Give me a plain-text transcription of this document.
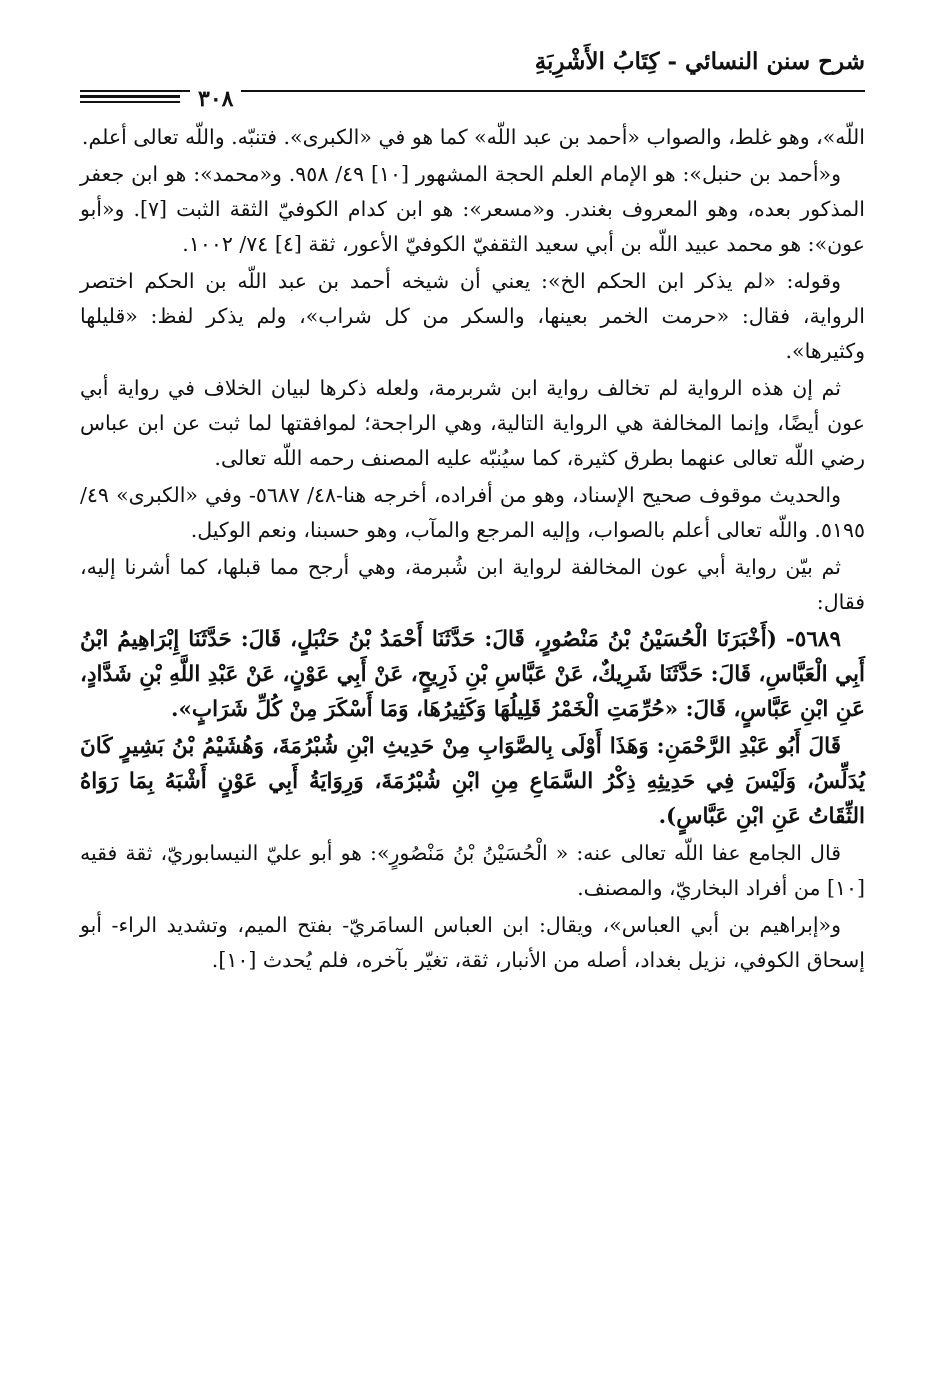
شرح سنن النسائي - كِتَابُ الأَشْرِبَةِ
٣٠٨

اللّه»، وهو غلط، والصواب «أحمد بن عبد اللّه» كما هو في «الكبرى». فتنبّه. واللّه تعالى أعلم.

و«أحمد بن حنبل»: هو الإمام العلم الحجة المشهور [١٠] ٤٩/ ٩٥٨. و«محمد»: هو ابن جعفر المذكور بعده، وهو المعروف بغندر. و«مسعر»: هو ابن كدام الكوفيّ الثقة الثبت [٧]. و«أبو عون»: هو محمد عبيد اللّه بن أبي سعيد الثقفيّ الكوفيّ الأعور، ثقة [٤] ٧٤/ ١٠٠٢.

وقوله: «لم يذكر ابن الحكم الخ»: يعني أن شيخه أحمد بن عبد اللّه بن الحكم اختصر الرواية، فقال: «حرمت الخمر بعينها، والسكر من كل شراب»، ولم يذكر لفظ: «قليلها وكثيرها».

ثم إن هذه الرواية لم تخالف رواية ابن شربرمة، ولعله ذكرها لبيان الخلاف في رواية أبي عون أيضًا، وإنما المخالفة هي الرواية التالية، وهي الراجحة؛ لموافقتها لما ثبت عن ابن عباس رضي اللّه تعالى عنهما بطرق كثيرة، كما سيُنبّه عليه المصنف رحمه اللّه تعالى.

والحديث موقوف صحيح الإسناد، وهو من أفراده، أخرجه هنا-٤٨/ ٥٦٨٧- وفي «الكبرى» ٤٩/ ٥١٩٥. واللّه تعالى أعلم بالصواب، وإليه المرجع والمآب، وهو حسبنا، ونعم الوكيل.

ثم بيّن رواية أبي عون المخالفة لرواية ابن شُبرمة، وهي أرجح مما قبلها، كما أشرنا إليه، فقال:

٥٦٨٩- (أَخْبَرَنَا الْحُسَيْنُ بْنُ مَنْصُورٍ، قَالَ: حَدَّثَنَا أَحْمَدُ بْنُ حَنْبَلٍ، قَالَ: حَدَّثَنَا إِبْرَاهِيمُ ابْنُ أَبِي الْعَبَّاسِ، قَالَ: حَدَّثَنَا شَرِيكٌ، عَنْ عَبَّاسِ بْنِ ذَرِيحٍ، عَنْ أَبِي عَوْنٍ، عَنْ عَبْدِ اللَّهِ بْنِ شَدَّادٍ، عَنِ ابْنِ عَبَّاسٍ، قَالَ: «حُرِّمَتِ الْخَمْرُ قَلِيلُهَا وَكَثِيرُهَا، وَمَا أَسْكَرَ مِنْ كُلِّ شَرَابٍ».

قَالَ أَبُو عَبْدِ الرَّحْمَنِ: وَهَذَا أَوْلَى بِالصَّوَابِ مِنْ حَدِيثِ ابْنِ شُبْرُمَةَ، وَهُشَيْمُ بْنُ بَشِيرٍ كَانَ يُدَلِّسُ، وَلَيْسَ فِي حَدِيثِهِ ذِكْرُ السَّمَاعِ مِنِ ابْنِ شُبْرُمَةَ، وَرِوَايَةُ أَبِي عَوْنٍ أَشْبَهُ بِمَا رَوَاهُ الثِّقَاتُ عَنِ ابْنِ عَبَّاسٍ).

قال الجامع عفا اللّه تعالى عنه: « الْحُسَيْنُ بْنُ مَنْصُورٍ»: هو أبو عليّ النيسابوريّ، ثقة فقيه [١٠] من أفراد البخاريّ، والمصنف.

و«إبراهيم بن أبي العباس»، ويقال: ابن العباس السامَريّ- بفتح الميم، وتشديد الراء- أبو إسحاق الكوفي، نزيل بغداد، أصله من الأنبار، ثقة، تغيّر بآخره، فلم يُحدث [١٠].
